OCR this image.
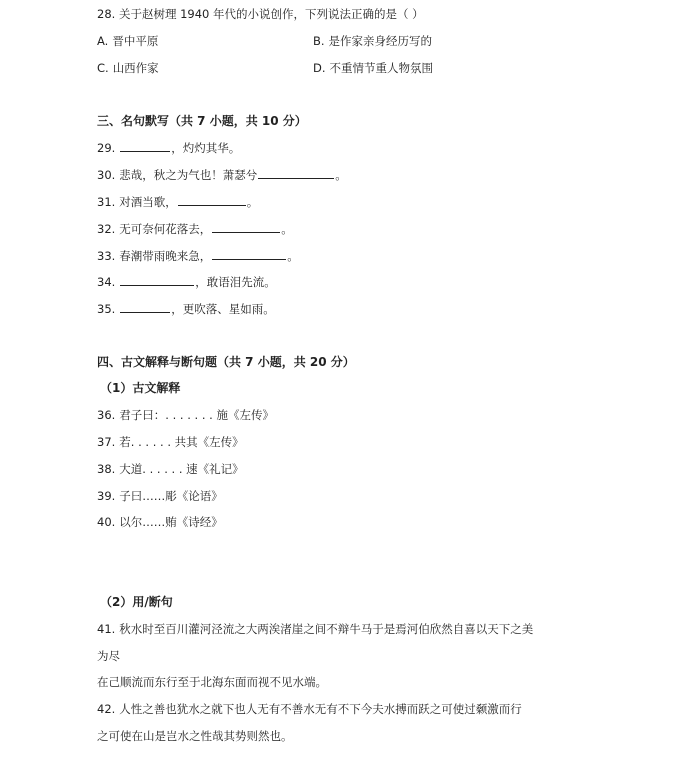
28. 关于赵树理 1940 年代的小说创作，下列说法正确的是（ ）
A. 晋中平原	B. 是作家亲身经历写的
C. 山西作家	D. 不重情节重人物氛围
三、名句默写（共 7 小题，共 10 分）
29.	，灼灼其华。
30. 悲哉，秋之为气也！萧瑟兮	。
31. 对酒当歌，	。
32. 无可奈何花落去，	。
33. 春潮带雨晚来急，	。
34.	，敢语泪先流。
35.	，更吹落、星如雨。
四、古文解释与断句题（共 7 小题，共 20 分）
（1）古文解释
36. 君子曰：. . . . . . . 施《左传》
37. 若. . . . . . 共其《左传》
38. 大道. . . . . . 速《礼记》
39. 子曰……彫《论语》
40. 以尔……贿《诗经》
（2）用/断句
41. 秋水时至百川灌河泾流之大两涘渚崖之间不辩牛马于是焉河伯欣然自喜以天下之美
为尽
在己顺流而东行至于北海东面而视不见水端。
42. 人性之善也犹水之就下也人无有不善水无有不下今夫水搏而跃之可使过颡激而行
之可使在山是岂水之性哉其势则然也。
